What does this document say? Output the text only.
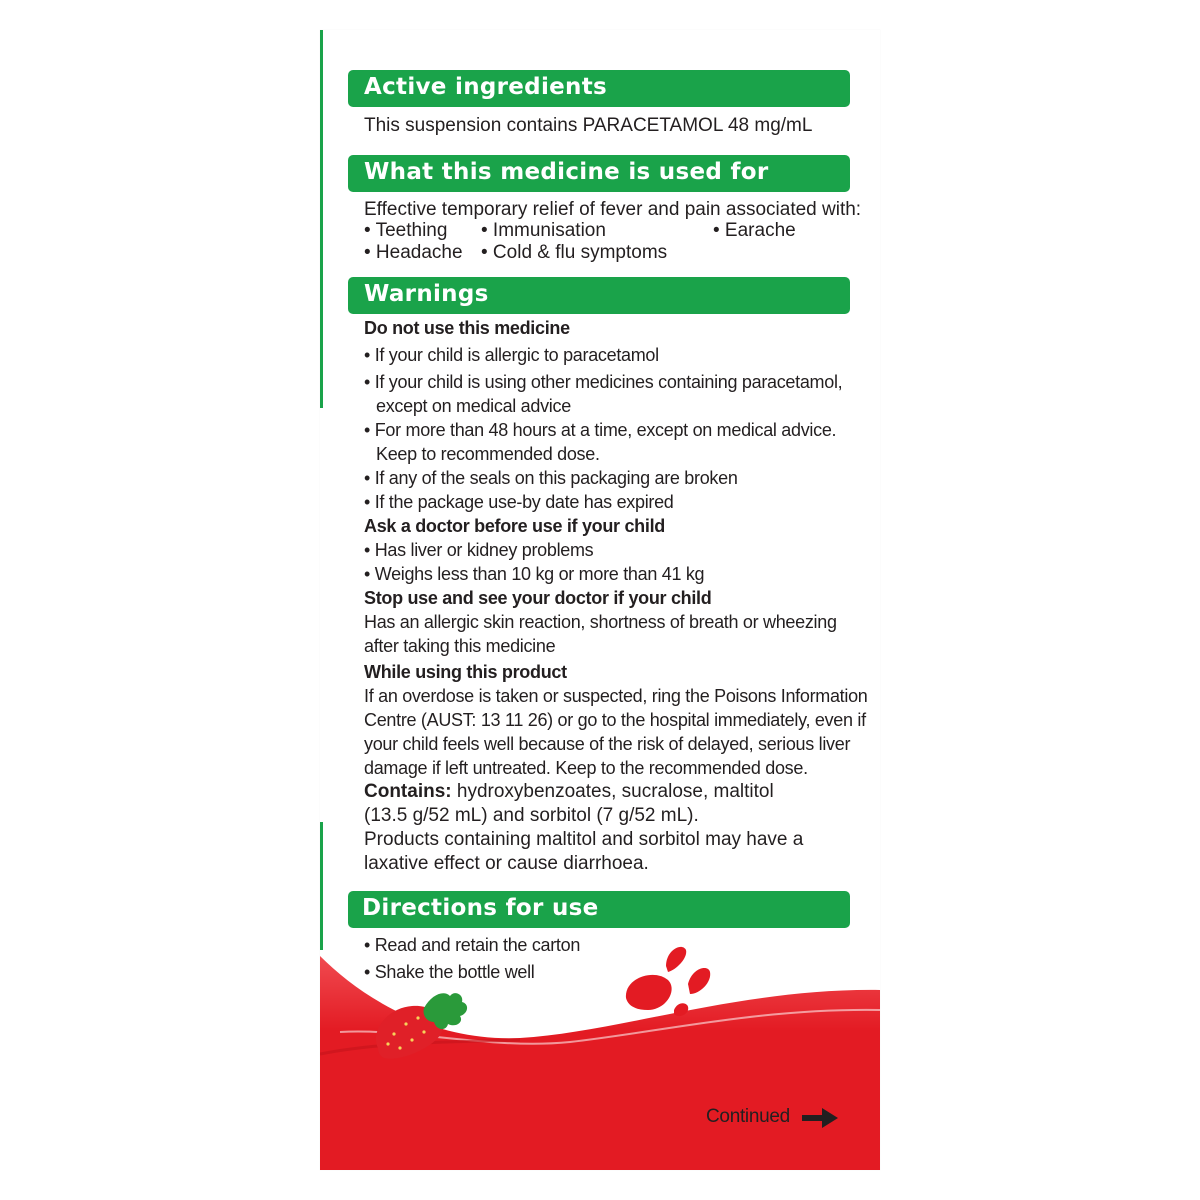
Active ingredients
This suspension contains PARACETAMOL 48 mg/mL
What this medicine is used for
Effective temporary relief of fever and pain associated with:
• Teething • Immunisation	• Earache
• Headache • Cold & flu symptoms
Warnings
Do not use this medicine
• If your child is allergic to paracetamol
• If your child is using other medicines containing paracetamol,
except on medical advice
• For more than 48 hours at a time, except on medical advice.
Keep to recommended dose.
• If any of the seals on this packaging are broken
• If the package use-by date has expired
Ask a doctor before use if your child
• Has liver or kidney problems
• Weighs less than 10 kg or more than 41 kg
Stop use and see your doctor if your child
Has an allergic skin reaction, shortness of breath or wheezing
after taking this medicine
While using this product
If an overdose is taken or suspected, ring the Poisons Information
Centre (AUST: 13 11 26) or go to the hospital immediately, even if
your child feels well because of the risk of delayed, serious liver
damage if left untreated. Keep to the recommended dose.
Contains: hydroxybenzoates, sucralose, maltitol
(13.5 g/52 mL) and sorbitol (7 g/52 mL).
Products containing maltitol and sorbitol may have a
laxative effect or cause diarrhoea.
Directions for use
• Read and retain the carton
• Shake the bottle well
Continued
